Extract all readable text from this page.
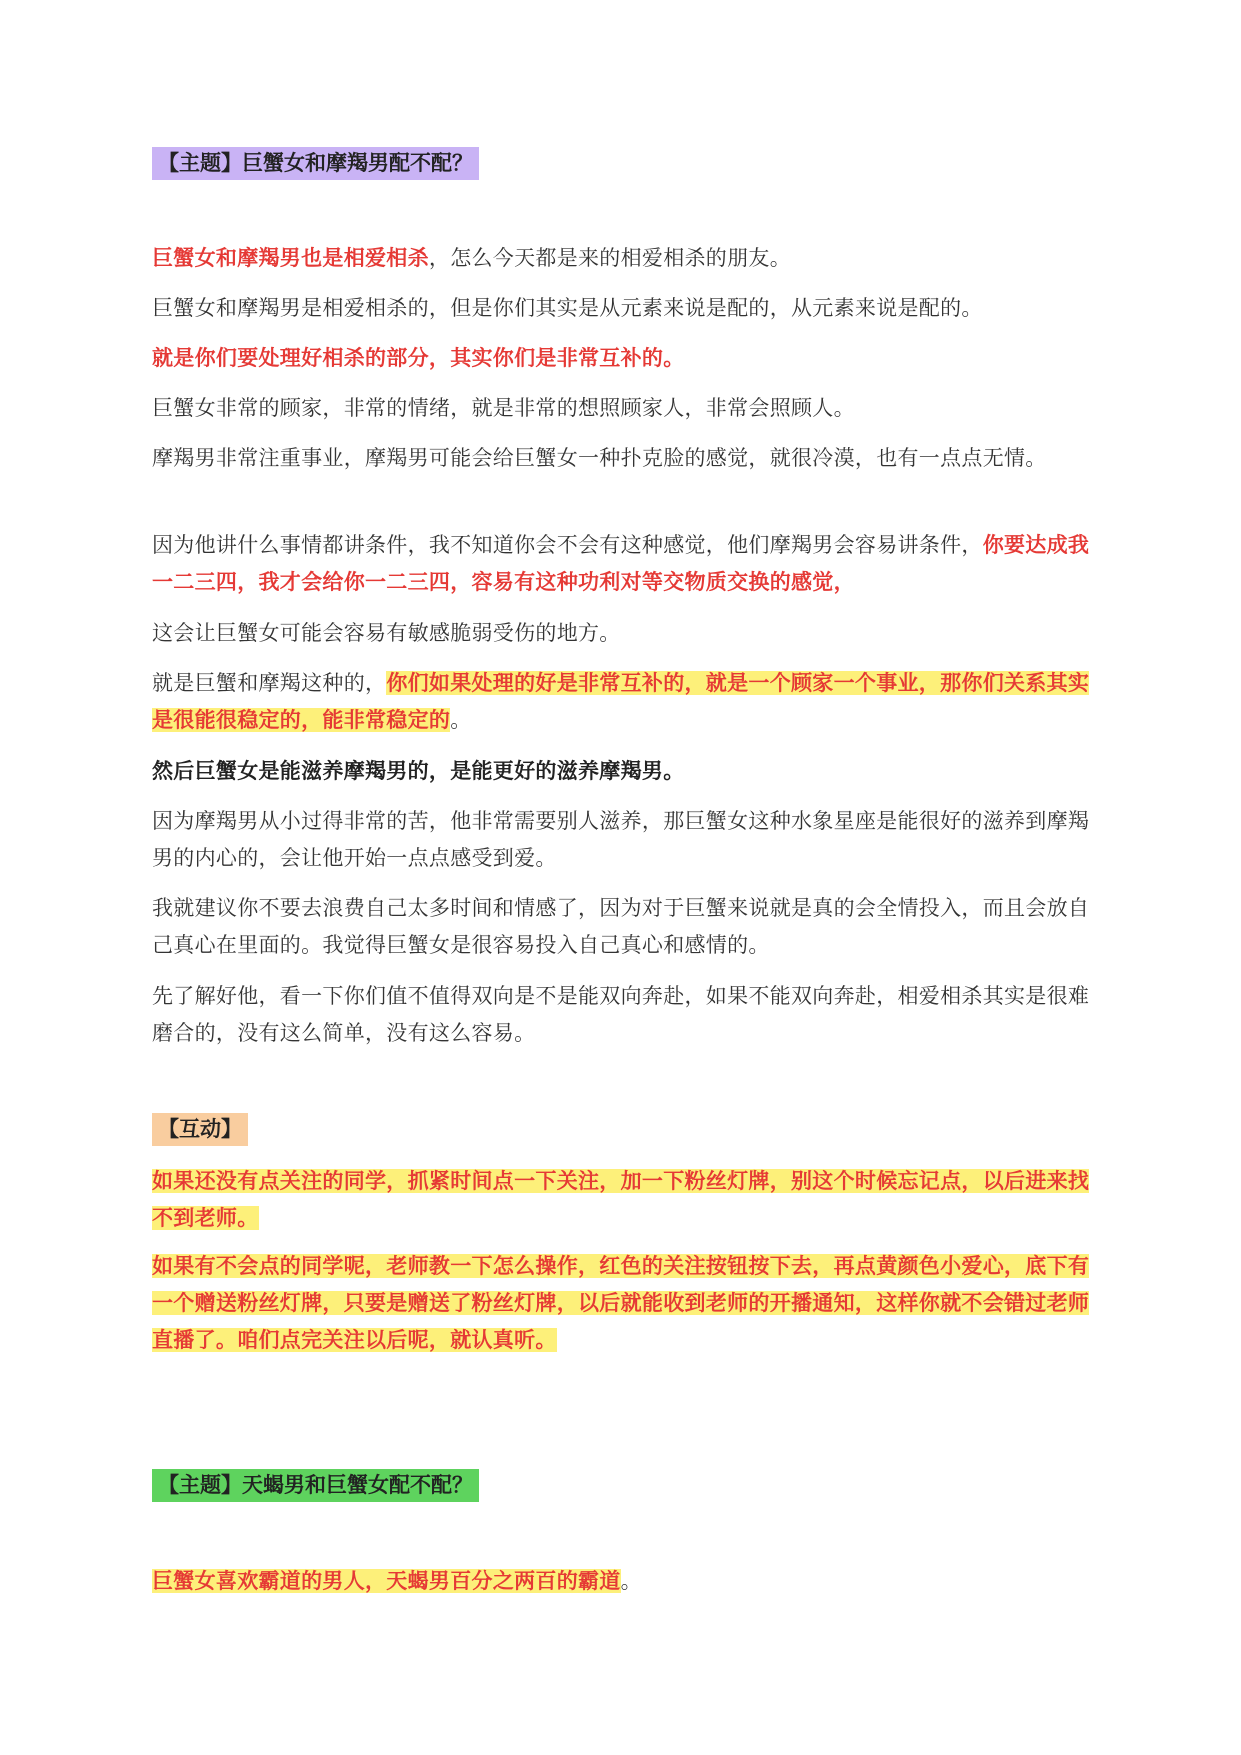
【主题】巨蟹女和摩羯男配不配？
巨蟹女和摩羯男也是相爱相杀，怎么今天都是来的相爱相杀的朋友。
巨蟹女和摩羯男是相爱相杀的，但是你们其实是从元素来说是配的，从元素来说是配的。
就是你们要处理好相杀的部分，其实你们是非常互补的。
巨蟹女非常的顾家，非常的情绪，就是非常的想照顾家人，非常会照顾人。
摩羯男非常注重事业，摩羯男可能会给巨蟹女一种扑克脸的感觉，就很冷漠，也有一点点无情。
因为他讲什么事情都讲条件，我不知道你会不会有这种感觉，他们摩羯男会容易讲条件，你要达成我一二三四，我才会给你一二三四，容易有这种功利对等交物质交换的感觉，
这会让巨蟹女可能会容易有敏感脆弱受伤的地方。
就是巨蟹和摩羯这种的，你们如果处理的好是非常互补的，就是一个顾家一个事业，那你们关系其实是很能很稳定的，能非常稳定的。
然后巨蟹女是能滋养摩羯男的，是能更好的滋养摩羯男。
因为摩羯男从小过得非常的苦，他非常需要别人滋养，那巨蟹女这种水象星座是能很好的滋养到摩羯男的内心的，会让他开始一点点感受到爱。
我就建议你不要去浪费自己太多时间和情感了，因为对于巨蟹来说就是真的会全情投入，而且会放自己真心在里面的。我觉得巨蟹女是很容易投入自己真心和感情的。
先了解好他，看一下你们值不值得双向是不是能双向奔赴，如果不能双向奔赴，相爱相杀其实是很难磨合的，没有这么简单，没有这么容易。
【互动】
如果还没有点关注的同学，抓紧时间点一下关注，加一下粉丝灯牌，别这个时候忘记点，以后进来找不到老师。
如果有不会点的同学呢，老师教一下怎么操作，红色的关注按钮按下去，再点黄颜色小爱心，底下有一个赠送粉丝灯牌，只要是赠送了粉丝灯牌，以后就能收到老师的开播通知，这样你就不会错过老师直播了。咱们点完关注以后呢，就认真听。
【主题】天蝎男和巨蟹女配不配？
巨蟹女喜欢霸道的男人，天蝎男百分之两百的霸道。
